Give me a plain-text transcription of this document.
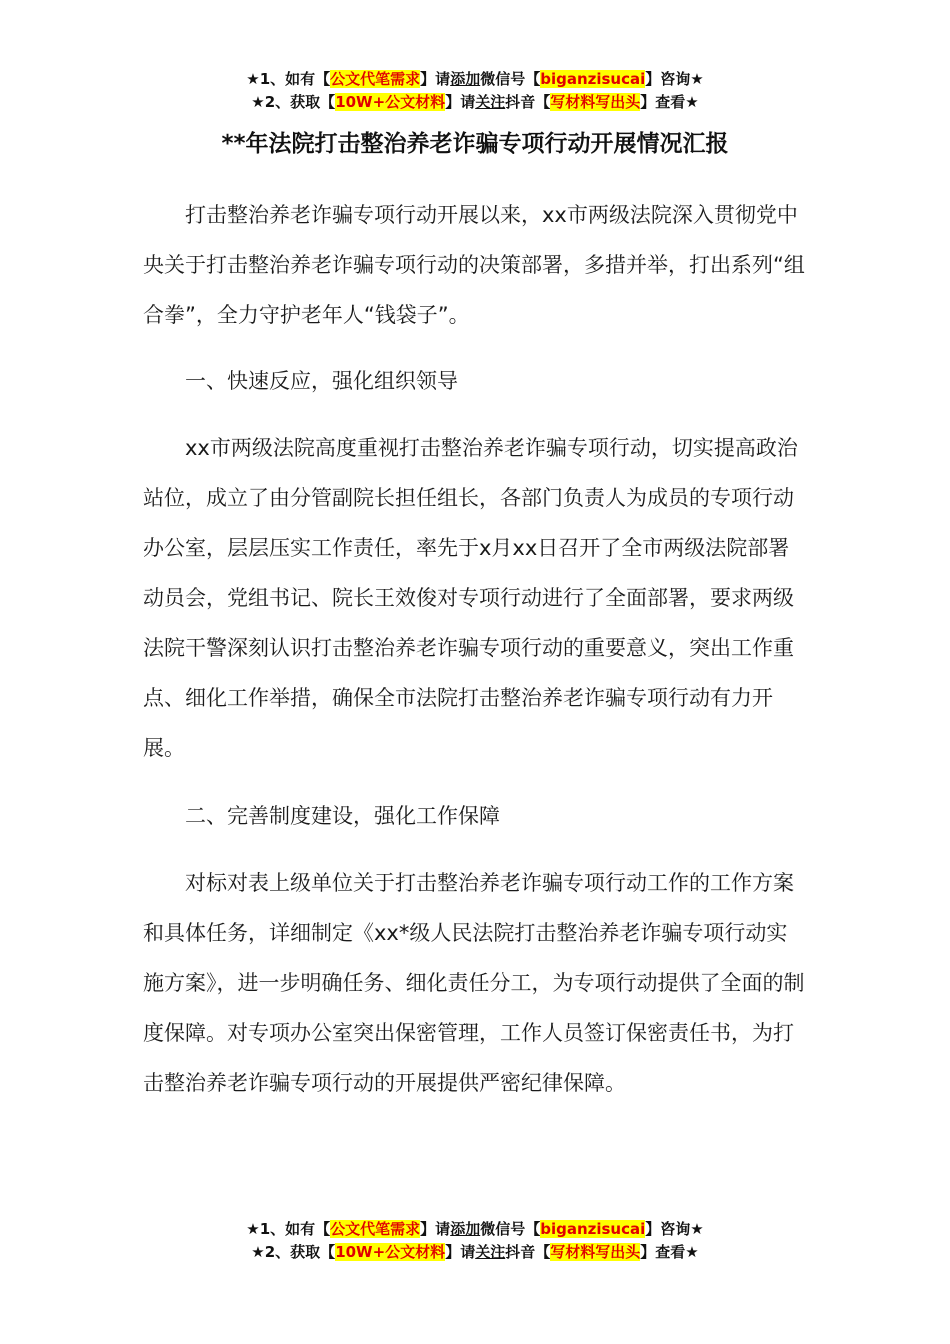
★1、如有【公文代笔需求】请添加微信号【biganzisucai】咨询★
★2、获取【10W+公文材料】请关注抖音【写材料写出头】查看★
**年法院打击整治养老诈骗专项行动开展情况汇报

打击整治养老诈骗专项行动开展以来，xx市两级法院深入贯彻党中央关于打击整治养老诈骗专项行动的决策部署，多措并举，打出系列“组合拳”，全力守护老年人“钱袋子”。

一、快速反应，强化组织领导

xx市两级法院高度重视打击整治养老诈骗专项行动，切实提高政治站位，成立了由分管副院长担任组长，各部门负责人为成员的专项行动办公室，层层压实工作责任，率先于x月xx日召开了全市两级法院部署动员会，党组书记、院长王效俊对专项行动进行了全面部署，要求两级法院干警深刻认识打击整治养老诈骗专项行动的重要意义，突出工作重点、细化工作举措，确保全市法院打击整治养老诈骗专项行动有力开展。

二、完善制度建设，强化工作保障

对标对表上级单位关于打击整治养老诈骗专项行动工作的工作方案和具体任务，详细制定《xx*级人民法院打击整治养老诈骗专项行动实施方案》，进一步明确任务、细化责任分工，为专项行动提供了全面的制度保障。对专项办公室突出保密管理，工作人员签订保密责任书，为打击整治养老诈骗专项行动的开展提供严密纪律保障。

★1、如有【公文代笔需求】请添加微信号【biganzisucai】咨询★
★2、获取【10W+公文材料】请关注抖音【写材料写出头】查看★
